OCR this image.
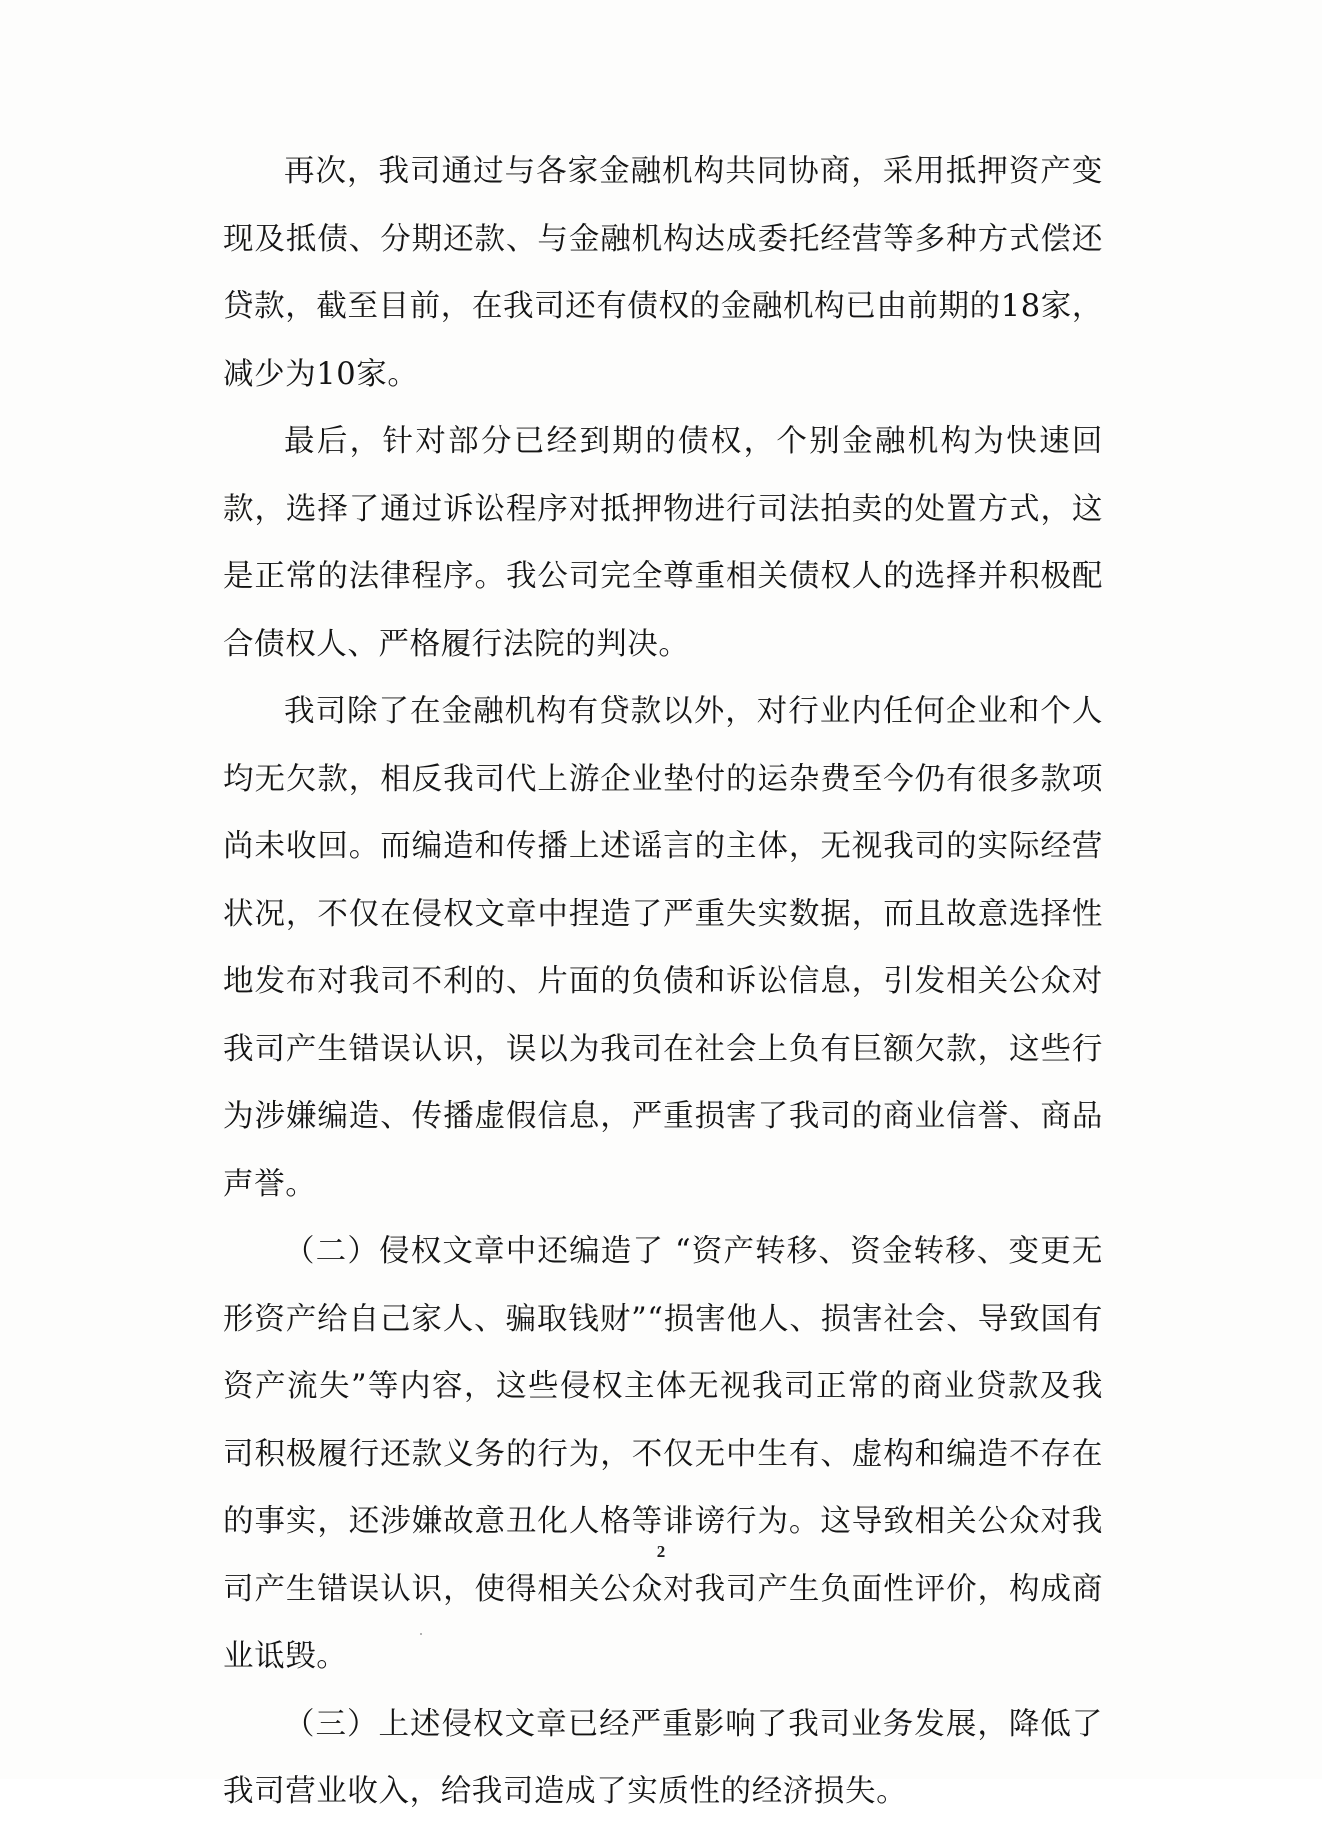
再次，我司通过与各家金融机构共同协商，采用抵押资产变现及抵债、分期还款、与金融机构达成委托经营等多种方式偿还贷款，截至目前，在我司还有债权的金融机构已由前期的18家，减少为10家。

最后，针对部分已经到期的债权，个别金融机构为快速回款，选择了通过诉讼程序对抵押物进行司法拍卖的处置方式，这是正常的法律程序。我公司完全尊重相关债权人的选择并积极配合债权人、严格履行法院的判决。

我司除了在金融机构有贷款以外，对行业内任何企业和个人均无欠款，相反我司代上游企业垫付的运杂费至今仍有很多款项尚未收回。而编造和传播上述谣言的主体，无视我司的实际经营状况，不仅在侵权文章中捏造了严重失实数据，而且故意选择性地发布对我司不利的、片面的负债和诉讼信息，引发相关公众对我司产生错误认识，误以为我司在社会上负有巨额欠款，这些行为涉嫌编造、传播虚假信息，严重损害了我司的商业信誉、商品声誉。

（二）侵权文章中还编造了 “资产转移、资金转移、变更无形资产给自己家人、骗取钱财”“损害他人、损害社会、导致国有资产流失”等内容，这些侵权主体无视我司正常的商业贷款及我司积极履行还款义务的行为，不仅无中生有、虚构和编造不存在的事实，还涉嫌故意丑化人格等诽谤行为。这导致相关公众对我司产生错误认识，使得相关公众对我司产生负面性评价，构成商业诋毁。

（三）上述侵权文章已经严重影响了我司业务发展，降低了我司营业收入，给我司造成了实质性的经济损失。

2
